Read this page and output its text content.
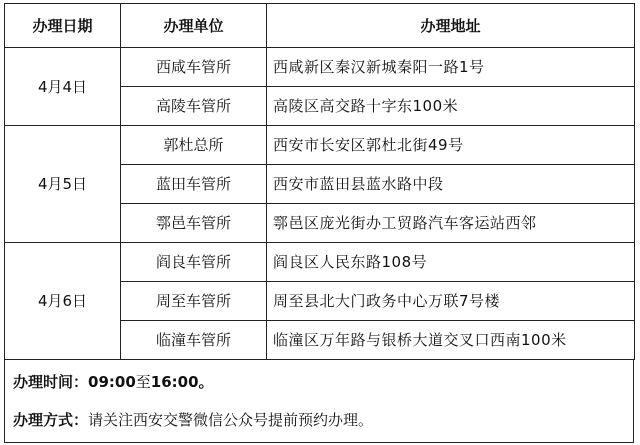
办理日期	办理单位	办理地址
4月4日	西咸车管所	西咸新区秦汉新城秦阳一路1号
	高陵车管所	高陵区高交路十字东100米
4月5日	郭杜总所	西安市长安区郭杜北街49号
	蓝田车管所	西安市蓝田县蓝水路中段
	鄠邑车管所	鄠邑区庞光街办工贸路汽车客运站西邻
4月6日	阎良车管所	阎良区人民东路108号
	周至车管所	周至县北大门政务中心万联7号楼
	临潼车管所	临潼区万年路与银桥大道交叉口西南100米
办理时间：09:00至16:00。
办理方式：请关注西安交警微信公众号提前预约办理。
